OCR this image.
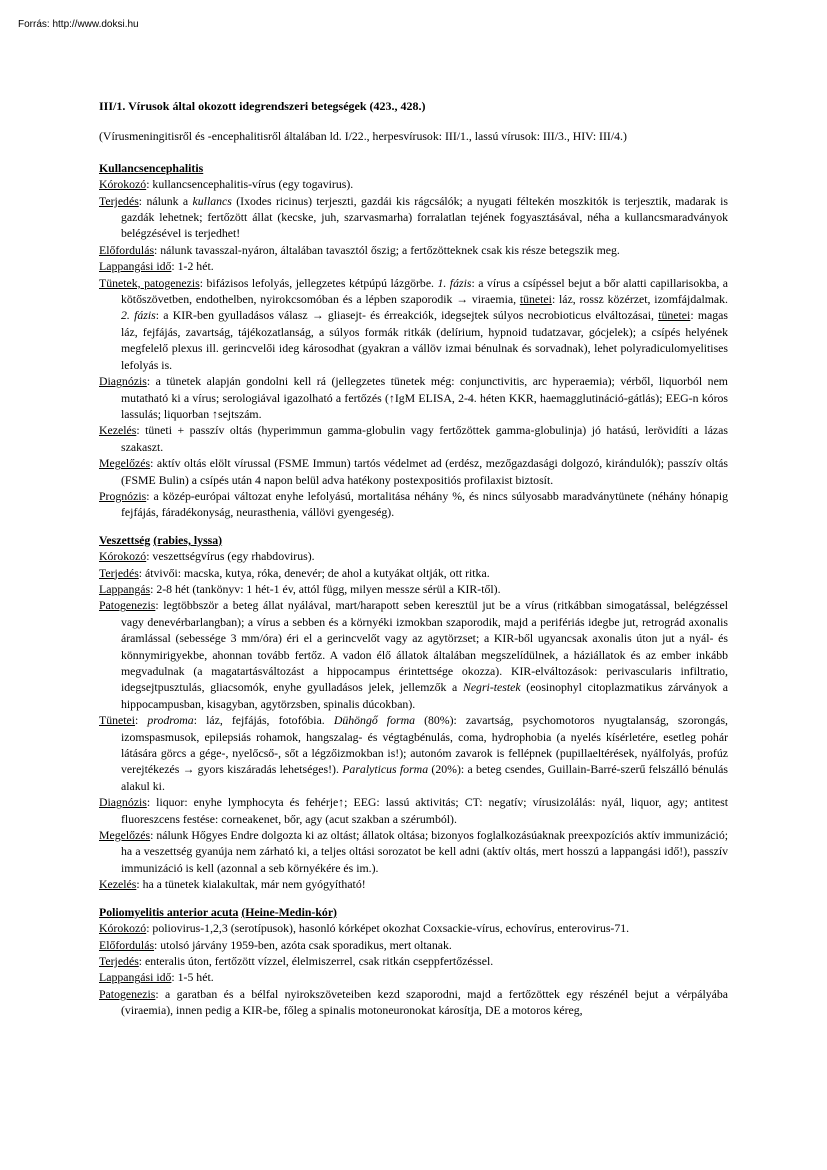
Forrás: http://www.doksi.hu
III/1. Vírusok által okozott idegrendszeri betegségek (423., 428.)
(Vírusmeningitisről és -encephalitisről általában ld. I/22., herpesvírusok: III/1., lassú vírusok: III/3., HIV: III/4.)
Kullancsencephalitis
Kórokozó: kullancsencephalitis-vírus (egy togavirus).
Terjedés: nálunk a kullancs (Ixodes ricinus) terjeszti, gazdái kis rágcsálók; a nyugati féltekén moszkitók is terjesztik, madarak is gazdák lehetnek; fertőzött állat (kecske, juh, szarvasmarha) forralatlan tejének fogyasztásával, néha a kullancsmaradványok belégzésével is terjedhet!
Előfordulás: nálunk tavasszal-nyáron, általában tavasztól őszig; a fertőzötteknek csak kis része betegszik meg.
Lappangási idő: 1-2 hét.
Tünetek, patogenezis: bifázisos lefolyás, jellegzetes kétpúpú lázgörbe. 1. fázis: a vírus a csípéssel bejut a bőr alatti capillarisokba, a kötőszövetben, endothelben, nyirokcsomóban és a lépben szaporodik → viraemia, tünetei: láz, rossz közérzet, izomfájdalmak. 2. fázis: a KIR-ben gyulladásos válasz → gliasejt- és érreakciók, idegsejtek súlyos necrobioticus elváltozásai, tünetei: magas láz, fejfájás, zavartság, tájékozatlanság, a súlyos formák ritkák (delírium, hypnoid tudatzavar, gócjelek); a csípés helyének megfelelő plexus ill. gerincvelői ideg károsodhat (gyakran a vállöv izmai bénulnak és sorvadnak), lehet polyradiculomyelitises lefolyás is.
Diagnózis: a tünetek alapján gondolni kell rá (jellegzetes tünetek még: conjunctivitis, arc hyperaemia); vérből, liquorból nem mutatható ki a vírus; serologiával igazolható a fertőzés (↑IgM ELISA, 2-4. héten KKR, haemagglutináció-gátlás); EEG-n kóros lassulás; liquorban ↑sejtszám.
Kezelés: tüneti + passzív oltás (hyperimmun gamma-globulin vagy fertőzöttek gamma-globulinja) jó hatású, lerövidíti a lázas szakaszt.
Megelőzés: aktív oltás elölt vírussal (FSME Immun) tartós védelmet ad (erdész, mezőgazdasági dolgozó, kirándulók); passzív oltás (FSME Bulin) a csípés után 4 napon belül adva hatékony postexpositiós profilaxist biztosít.
Prognózis: a közép-európai változat enyhe lefolyású, mortalitása néhány %, és nincs súlyosabb maradványtünete (néhány hónapig fejfájás, fáradékonyság, neurasthenia, vállövi gyengeség).
Veszettség (rabies, lyssa)
Kórokozó: veszettségvírus (egy rhabdovirus).
Terjedés: átvivői: macska, kutya, róka, denevér; de ahol a kutyákat oltják, ott ritka.
Lappangás: 2-8 hét (tankönyv: 1 hét-1 év, attól függ, milyen messze sérül a KIR-től).
Patogenezis: legtöbbször a beteg állat nyálával, mart/harapott seben keresztül jut be a vírus (ritkábban simogatással, belégzéssel vagy denevérbarlangban); a vírus a sebben és a környéki izmokban szaporodik, majd a perifériás idegbe jut, retrográd axonalis áramlással (sebessége 3 mm/óra) éri el a gerincvelőt vagy az agytörzset; a KIR-ből ugyancsak axonalis úton jut a nyál- és könnymirigyekbe, ahonnan tovább fertőz. A vadon élő állatok általában megszelídülnek, a háziállatok és az ember inkább megvadulnak (a magatartásváltozást a hippocampus érintettsége okozza). KIR-elváltozások: perivascularis infiltratio, idegsejtpusztulás, gliacsomók, enyhe gyulladásos jelek, jellemzők a Negri-testek (eosinophyl citoplazmatikus zárványok a hippocampusban, kisagyban, agytörzsben, spinalis dúcokban).
Tünetei: prodroma: láz, fejfájás, fotofóbia. Dühöngő forma (80%): zavartság, psychomotoros nyugtalanság, szorongás, izomspasmusok, epilepsiás rohamok, hangszalag- és végtagbénulás, coma, hydrophobia (a nyelés kísérletére, esetleg pohár látására görcs a gége-, nyelőcső-, sőt a légzőizmokban is!); autonóm zavarok is fellépnek (pupillaeltérések, nyálfolyás, profúz verejtékezés → gyors kiszáradás lehetséges!). Paralyticus forma (20%): a beteg csendes, Guillain-Barré-szerű felszálló bénulás alakul ki.
Diagnózis: liquor: enyhe lymphocyta és fehérje↑; EEG: lassú aktivitás; CT: negatív; vírusizolálás: nyál, liquor, agy; antitest fluoreszcens festése: corneakenet, bőr, agy (acut szakban a szérumból).
Megelőzés: nálunk Hőgyes Endre dolgozta ki az oltást; állatok oltása; bizonyos foglalkozásúaknak preexpozíciós aktív immunizáció; ha a veszettség gyanúja nem zárható ki, a teljes oltási sorozatot be kell adni (aktív oltás, mert hosszú a lappangási idő!), passzív immunizáció is kell (azonnal a seb környékére és im.).
Kezelés: ha a tünetek kialakultak, már nem gyógyítható!
Poliomyelitis anterior acuta (Heine-Medin-kór)
Kórokozó: poliovirus-1,2,3 (serotípusok), hasonló kórképet okozhat Coxsackie-vírus, echovírus, enterovirus-71.
Előfordulás: utolsó járvány 1959-ben, azóta csak sporadikus, mert oltanak.
Terjedés: enteralis úton, fertőzött vízzel, élelmiszerrel, csak ritkán cseppfertőzéssel.
Lappangási idő: 1-5 hét.
Patogenezis: a garatban és a bélfal nyirokszöveteiben kezd szaporodni, majd a fertőzöttek egy részénél bejut a vérpályába (viraemia), innen pedig a KIR-be, főleg a spinalis motoneuronokat károsítja, DE a motoros kéreg,
